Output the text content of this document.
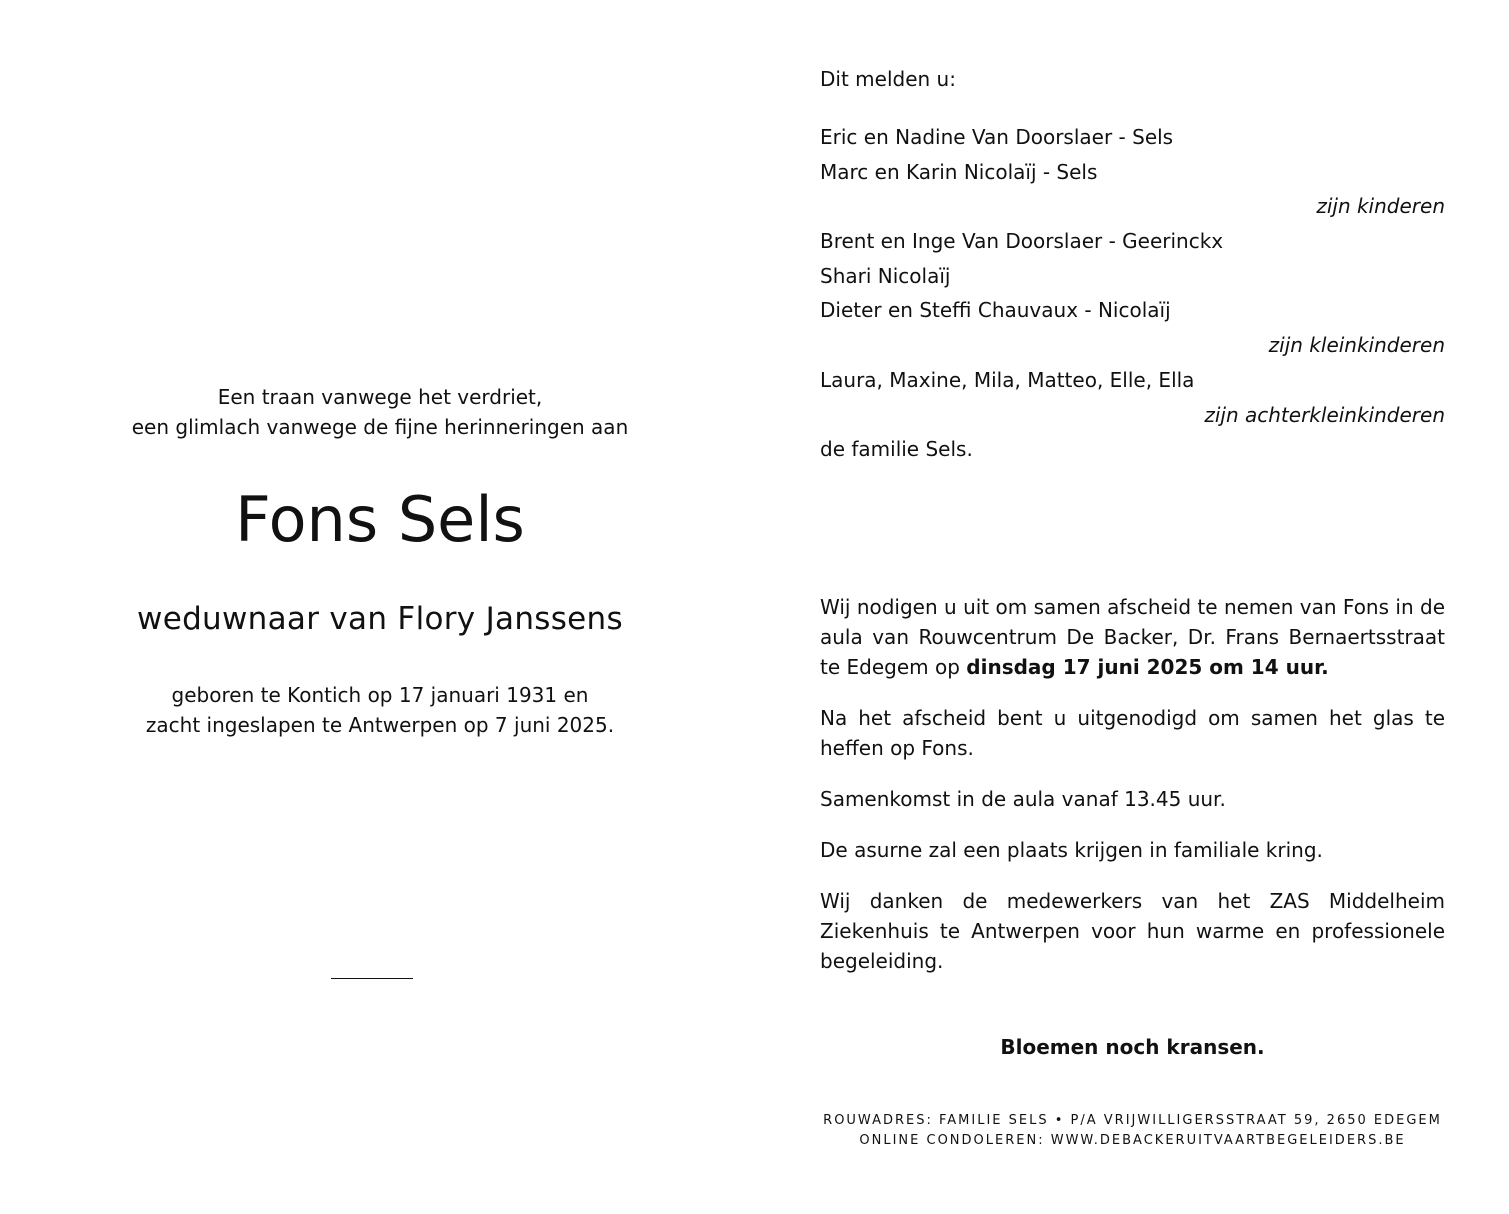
Een traan vanwege het verdriet,
een glimlach vanwege de fijne herinneringen aan
Fons Sels
weduwnaar van Flory Janssens
geboren te Kontich op 17 januari 1931 en
zacht ingeslapen te Antwerpen op 7 juni 2025.
Dit melden u:
Eric en Nadine Van Doorslaer - Sels
Marc en Karin Nicolaïj - Sels
zijn kinderen
Brent en Inge Van Doorslaer - Geerinckx
Shari Nicolaïj
Dieter en Steffi Chauvaux - Nicolaïj
zijn kleinkinderen
Laura, Maxine, Mila, Matteo, Elle, Ella
zijn achterkleinkinderen
de familie Sels.

Wij nodigen u uit om samen afscheid te nemen van Fons in de aula van Rouwcentrum De Backer, Dr. Frans Bernaertsstraat te Edegem op dinsdag 17 juni 2025 om 14 uur.

Na het afscheid bent u uitgenodigd om samen het glas te heffen op Fons.

Samenkomst in de aula vanaf 13.45 uur.

De asurne zal een plaats krijgen in familiale kring.

Wij danken de medewerkers van het ZAS Middelheim Ziekenhuis te Antwerpen voor hun warme en professionele begeleiding.

Bloemen noch kransen.
ROUWADRES: FAMILIE SELS • P/A VRIJWILLIGERSSTRAAT 59, 2650 EDEGEM
ONLINE CONDOLEREN: WWW.DEBACKERUITVAARTBEGELEIDERS.BE
